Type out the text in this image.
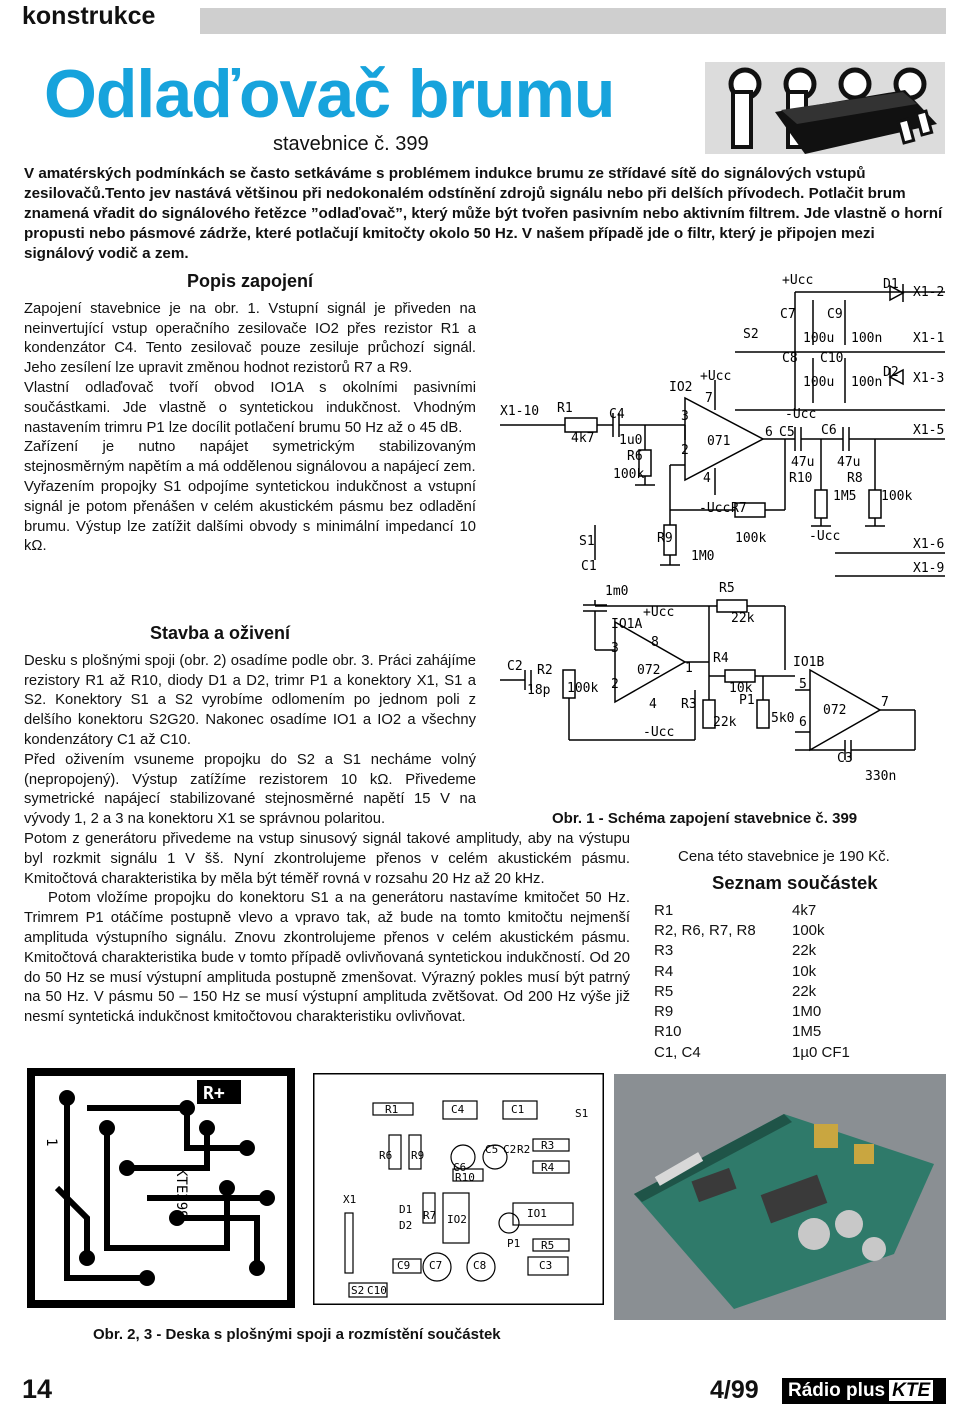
konstrukce
Odlaďovač brumu
stavebnice č. 399

V amatérských podmínkách se často setkáváme s problémem indukce brumu ze střídavé sítě do signálových vstupů zesilovačů.Tento jev nastává většinou při nedokonalém odstínění zdrojů signálu nebo při delších přívodech. Potlačit brum znamená vřadit do signálového řetězce ”odlaďovač”, který může být tvořen pasivním nebo aktivním filtrem. Jde vlastně o horní propusti nebo pásmové zádrže, které potlačují kmitočty okolo 50 Hz. V našem případě jde o filtr, který je připojen mezi signálový vodič a zem.

Popis zapojení

Zapojení stavebnice je na obr. 1. Vstupní signál je přiveden na neinvertující vstup operačního zesilovače IO2 přes rezistor R1 a kondenzátor C4. Tento zesilovač pouze zesiluje průchozí signál. Jeho zesílení lze upravit změnou hodnot rezistorů R7 a R9.

Vlastní odlaďovač tvoří obvod IO1A s okolními pasivními součástkami. Jde vlastně o syntetickou indukčnost. Vhodným nastavením trimru P1 lze docílit potlačení brumu 50 Hz až o 45 dB.

Zařízení je nutno napájet symetrickým stabilizovaným stejnosměrným napětím a má oddělenou signálovou a napájecí zem.

Vyřazením propojky S1 odpojíme syntetickou indukčnost a vstupní signál je potom přenášen v celém akustickém pásmu bez odladění brumu. Výstup lze zatížit dalšími obvody s minimální impedancí 10 kΩ.

Stavba a oživení

Desku s plošnými spoji (obr. 2) osadíme podle obr. 3. Práci zahájíme rezistory R1 až R10, diody D1 a D2, trimr P1 a konektory X1, S1 a S2. Konektory S1 a S2 vyrobíme odlomením po jednom poli z delšího konektoru S2G20. Nakonec osadíme IO1 a IO2 a všechny kondenzátory C1 až C10.

Před oživením vsuneme propojku do S2 a S1 necháme volný (nepropojený). Výstup zatížíme rezistorem 10 kΩ. Přivedeme symetrické napájecí stabilizované stejnosměrné napětí 15 V na vývody 1, 2 a 3 na konektoru X1 se správnou polaritou.

+Ucc	D1
X1-2
C7 C9
S2	100u 100n X1-1
C8 C10
+Ucc	D2
IO2	100u 100n X1-3
7
X1-10 R1	C4	-Ucc
3
4k7	6 C5 C6	X1-5
1u0	071
2
R6	47u 47u
100k	R10	R8
4
1M5 100k
-Ucc R7
100k
R9	-Ucc
S1	X1-6
1M0
C1	X1-9
R5
1m0
+Ucc	22k
IO1A
8
3
R4	IO1B
C2 R2	072 1
2	5
18p 100k	10k
P1	7
R3
4	072
5k0
22k	6
-Ucc
C3
330n
Obr. 1 - Schéma zapojení stavebnice č. 399

Potom z generátoru přivedeme na vstup sinusový signál takové amplitudy, aby na výstupu byl rozkmit signálu 1 V šš. Nyní zkontrolujeme přenos v celém akustickém pásmu. Kmitočtová charakteristika by měla být téměř rovná v rozsahu 20 Hz až 20 kHz.

Potom vložíme propojku do konektoru S1 a na generátoru nastavíme kmitočet 50 Hz. Trimrem P1 otáčíme postupně vlevo a vpravo tak, až bude na tomto kmitočtu nejmenší amplituda výstupního signálu. Znovu zkontrolujeme přenos v celém akustickém pásmu. Kmitočtová charakteristika bude v tomto případě ovlivňovaná syntetickou indukčností. Od 20 do 50 Hz se musí výstupní amplituda postupně zmenšovat. Výrazný pokles musí být patrný na 50 Hz. V pásmu 50 – 150 Hz se musí výstupní amplituda zvětšovat. Od 200 Hz výše již nesmí syntetická indukčnost kmitočtovou charakteristiku ovlivňovat.

Cena této stavebnice je 190 Kč.
Seznam součástek
R1	4k7
R2, R6, R7, R8	100k
R3	22k
R4	10k
R5	22k
R9	1M0
R10	1M5
C1, C4	1µ0 CF1
R+
KTE399
1
R1	C4	C1	S1
R3
R4
IO1
R5
C3
R6 R9
C6
C5 C2 R2
R10
D1
D2
R7 IO2
P1
C9 C7	C8
S2 C10
X1
Obr. 2, 3 - Deska s plošnými spoji a rozmístění součástek
14	4/99	Rádio plus KTE
